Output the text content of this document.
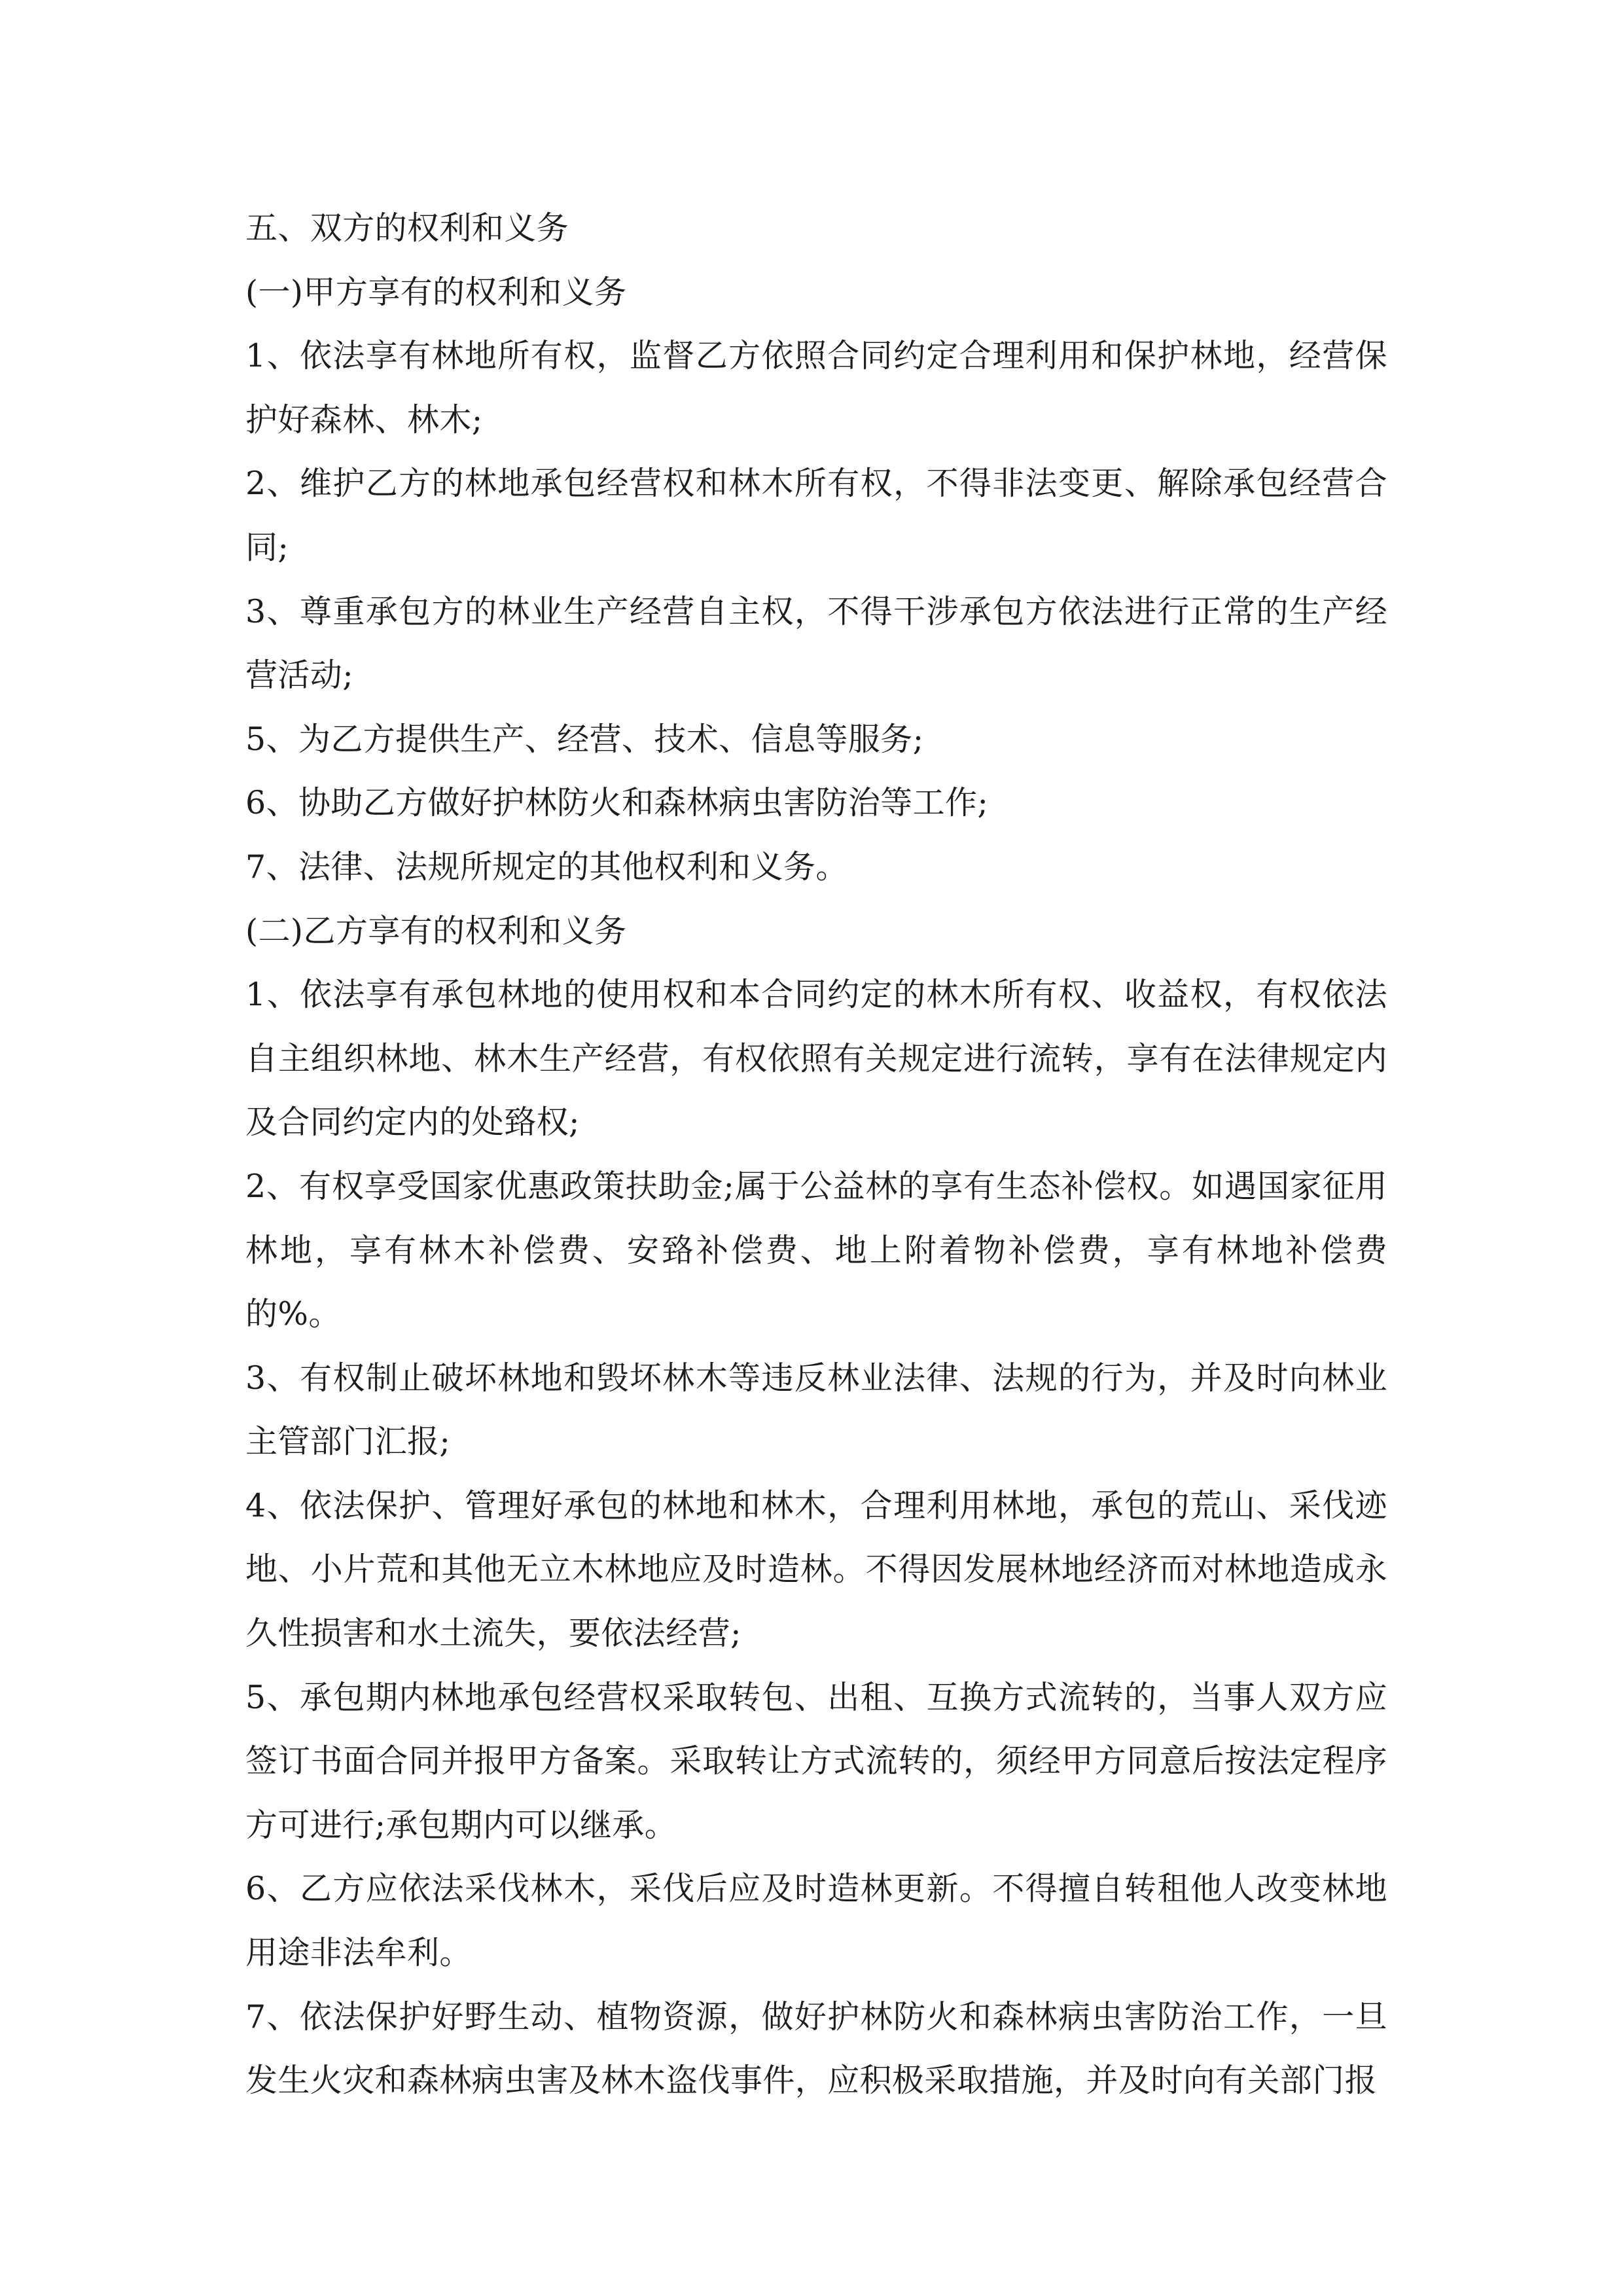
五、双方的权利和义务

(一)甲方享有的权利和义务

1、依法享有林地所有权，监督乙方依照合同约定合理利用和保护林地，经营保护好森林、林木;

2、维护乙方的林地承包经营权和林木所有权，不得非法变更、解除承包经营合同;

3、尊重承包方的林业生产经营自主权，不得干涉承包方依法进行正常的生产经营活动;

5、为乙方提供生产、经营、技术、信息等服务;

6、协助乙方做好护林防火和森林病虫害防治等工作;

7、法律、法规所规定的其他权利和义务。

(二)乙方享有的权利和义务

1、依法享有承包林地的使用权和本合同约定的林木所有权、收益权，有权依法自主组织林地、林木生产经营，有权依照有关规定进行流转，享有在法律规定内及合同约定内的处臵权;

2、有权享受国家优惠政策扶助金;属于公益林的享有生态补偿权。如遇国家征用林地，享有林木补偿费、安臵补偿费、地上附着物补偿费，享有林地补偿费的%。

3、有权制止破坏林地和毁坏林木等违反林业法律、法规的行为，并及时向林业主管部门汇报;

4、依法保护、管理好承包的林地和林木，合理利用林地，承包的荒山、采伐迹地、小片荒和其他无立木林地应及时造林。不得因发展林地经济而对林地造成永久性损害和水土流失，要依法经营;

5、承包期内林地承包经营权采取转包、出租、互换方式流转的，当事人双方应签订书面合同并报甲方备案。采取转让方式流转的，须经甲方同意后按法定程序方可进行;承包期内可以继承。

6、乙方应依法采伐林木，采伐后应及时造林更新。不得擅自转租他人改变林地用途非法牟利。

7、依法保护好野生动、植物资源，做好护林防火和森林病虫害防治工作，一旦发生火灾和森林病虫害及林木盗伐事件，应积极采取措施，并及时向有关部门报
